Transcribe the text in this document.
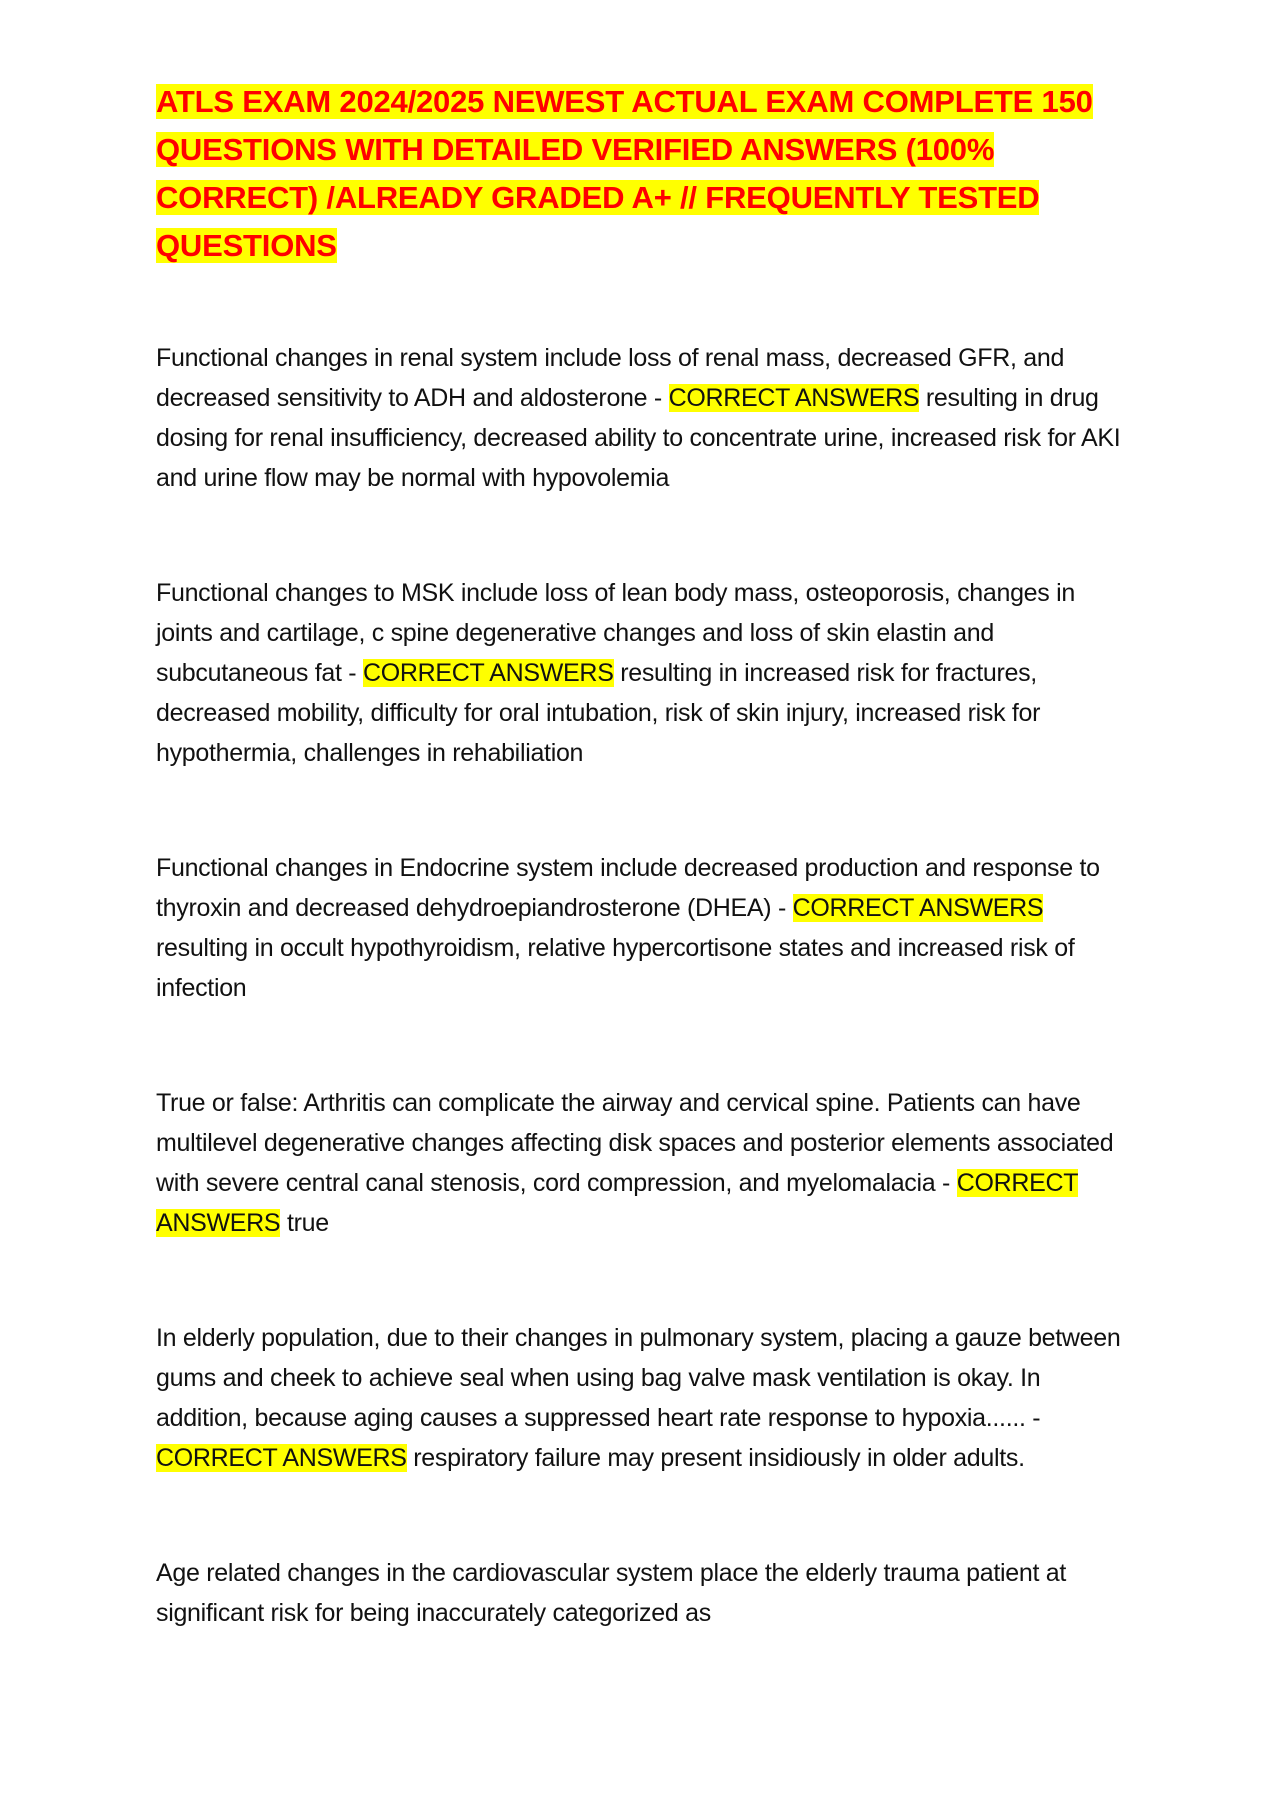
ATLS EXAM 2024/2025 NEWEST ACTUAL EXAM COMPLETE 150 QUESTIONS WITH DETAILED VERIFIED ANSWERS (100% CORRECT) /ALREADY GRADED A+ // FREQUENTLY TESTED QUESTIONS

Functional changes in renal system include loss of renal mass, decreased GFR, and decreased sensitivity to ADH and aldosterone - CORRECT ANSWERS resulting in drug dosing for renal insufficiency, decreased ability to concentrate urine, increased risk for AKI and urine flow may be normal with hypovolemia

Functional changes to MSK include loss of lean body mass, osteoporosis, changes in joints and cartilage, c spine degenerative changes and loss of skin elastin and subcutaneous fat - CORRECT ANSWERS resulting in increased risk for fractures, decreased mobility, difficulty for oral intubation, risk of skin injury, increased risk for hypothermia, challenges in rehabiliation

Functional changes in Endocrine system include decreased production and response to thyroxin and decreased dehydroepiandrosterone (DHEA) - CORRECT ANSWERS resulting in occult hypothyroidism, relative hypercortisone states and increased risk of infection

True or false: Arthritis can complicate the airway and cervical spine. Patients can have multilevel degenerative changes affecting disk spaces and posterior elements associated with severe central canal stenosis, cord compression, and myelomalacia - CORRECT ANSWERS true

In elderly population, due to their changes in pulmonary system, placing a gauze between gums and cheek to achieve seal when using bag valve mask ventilation is okay. In addition, because aging causes a suppressed heart rate response to hypoxia...... - CORRECT ANSWERS respiratory failure may present insidiously in older adults.

Age related changes in the cardiovascular system place the elderly trauma patient at significant risk for being inaccurately categorized as
